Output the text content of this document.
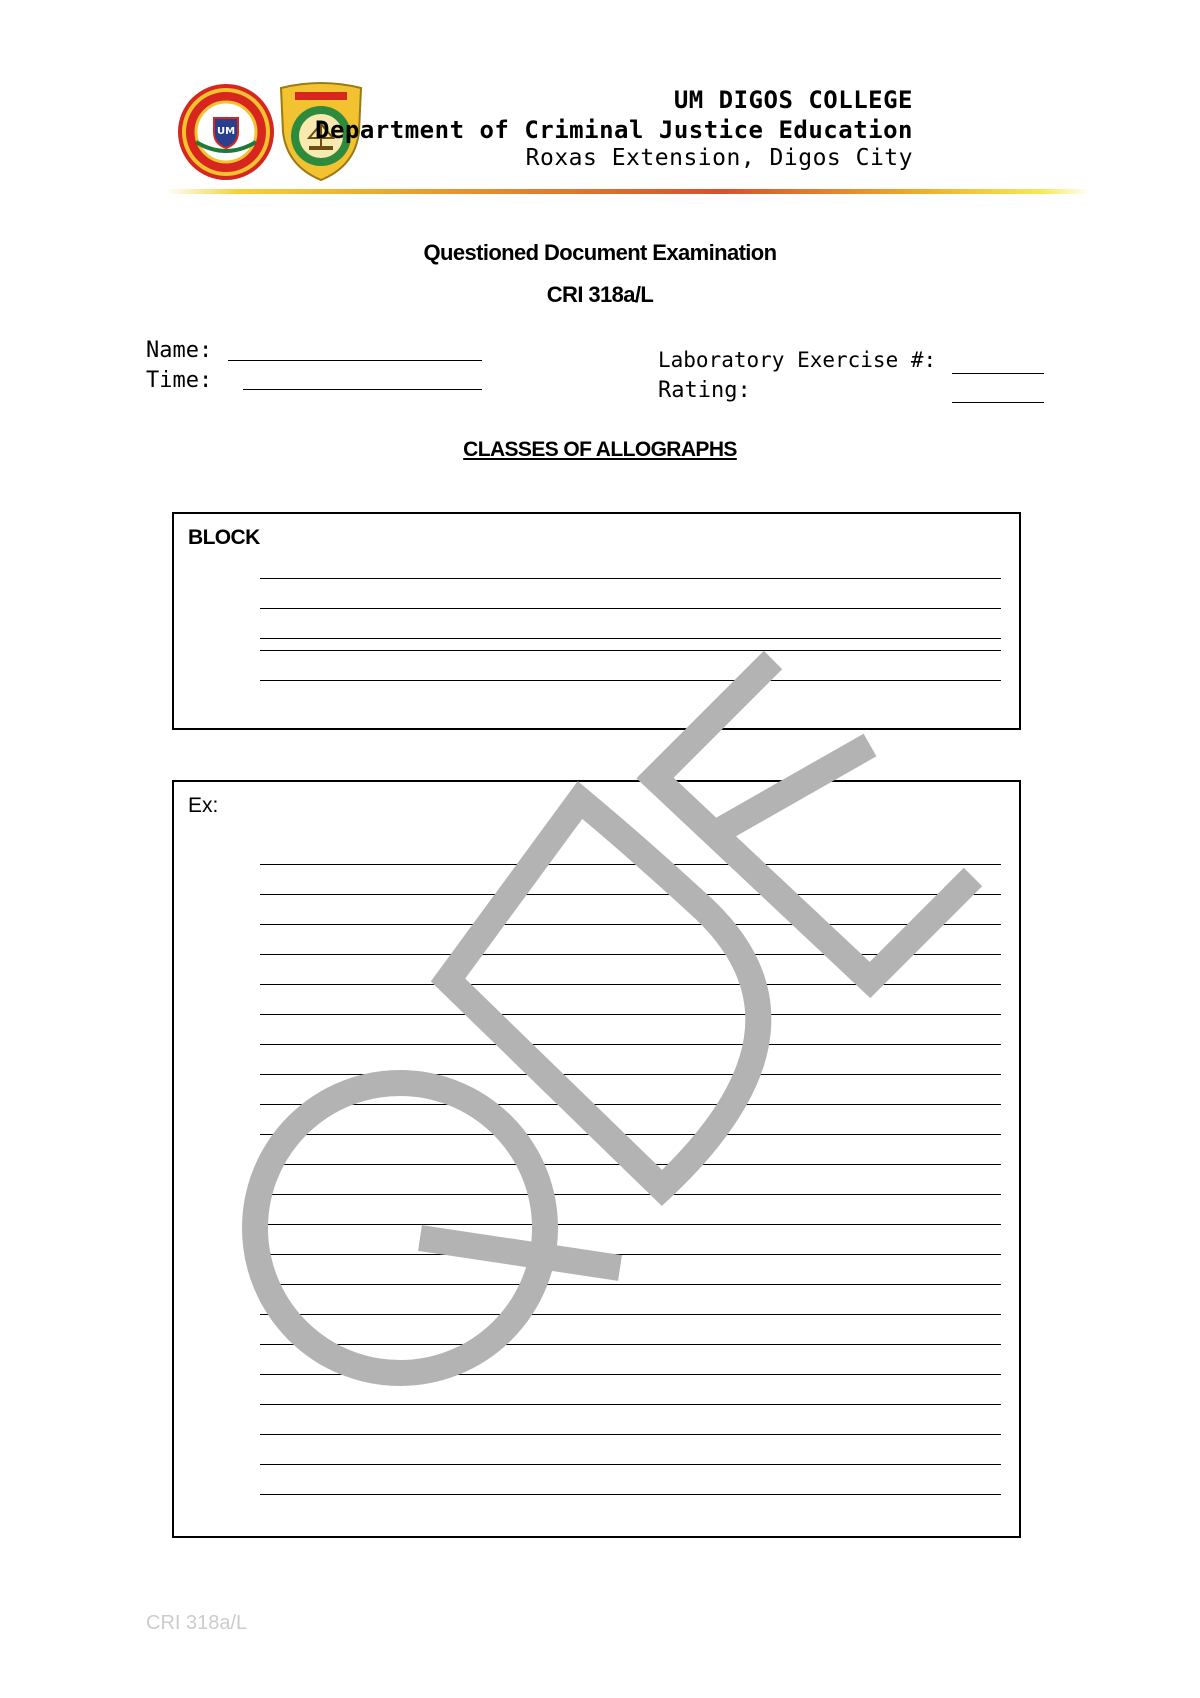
UM
UM DIGOS COLLEGE
Department of Criminal Justice Education
Roxas Extension, Digos City
Questioned Document Examination
CRI 318a/L
Name:
Time:
Laboratory Exercise #:
Rating:
CLASSES OF ALLOGRAPHS
BLOCK
Ex:
CRI 318a/L
